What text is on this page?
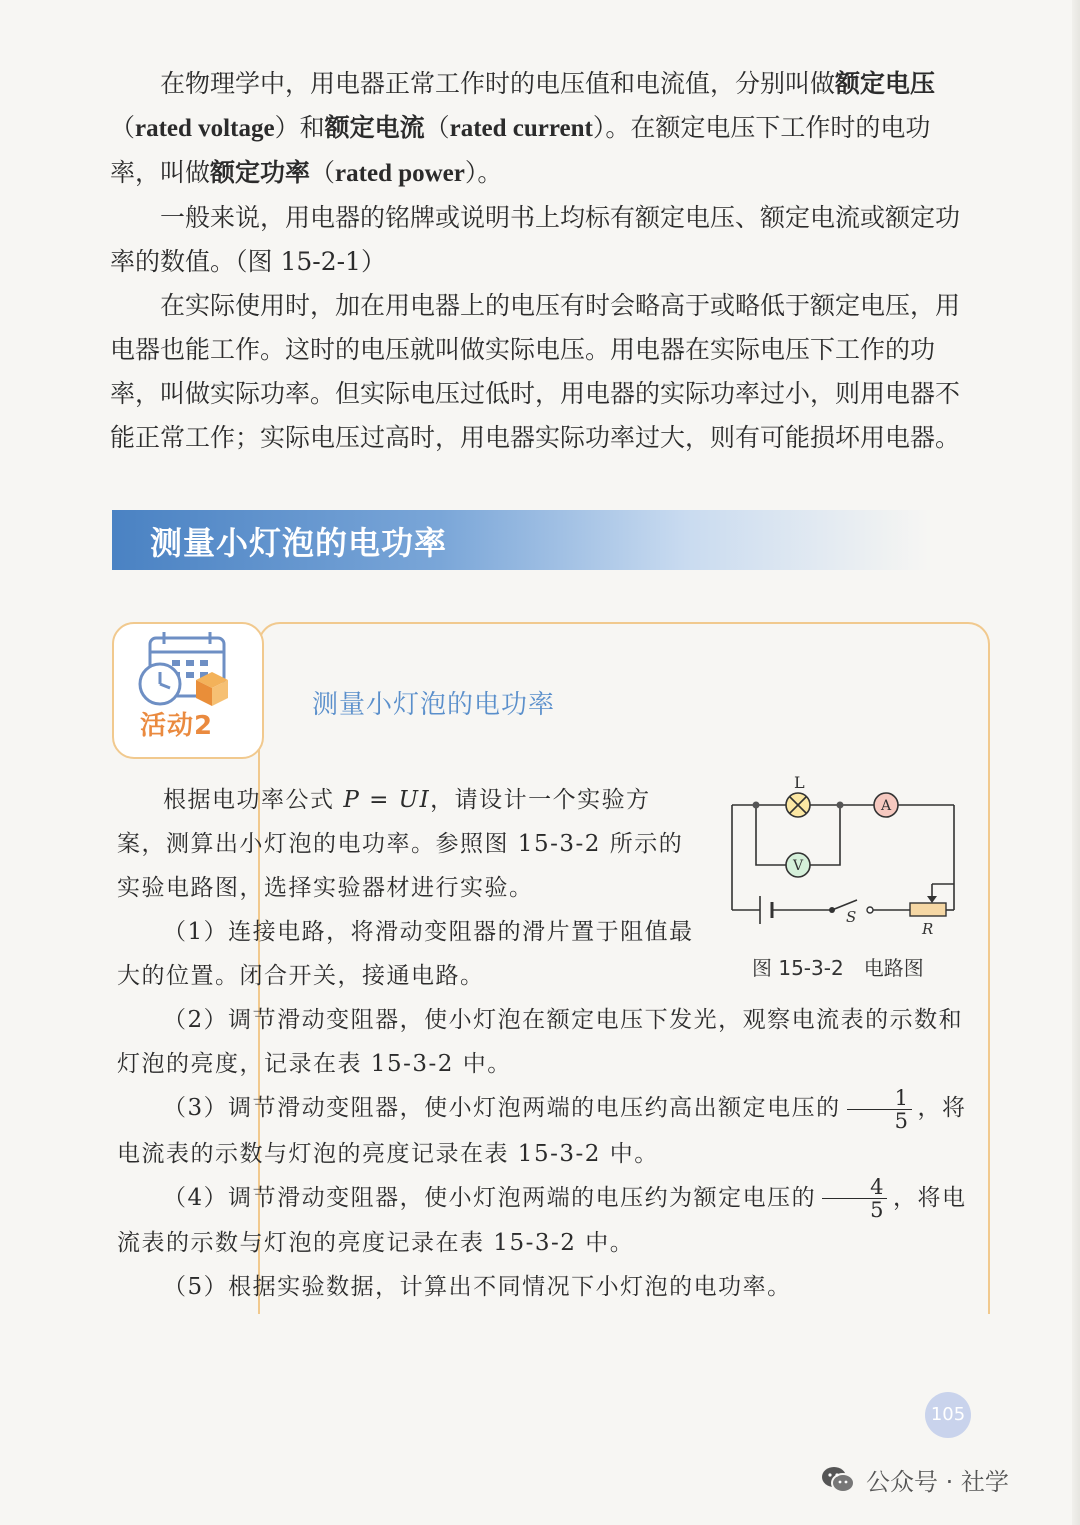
在物理学中，用电器正常工作时的电压值和电流值，分别叫做额定电压（rated voltage）和额定电流（rated current）。在额定电压下工作时的电功率，叫做额定功率（rated power）。

一般来说，用电器的铭牌或说明书上均标有额定电压、额定电流或额定功率的数值。（图 15-2-1）

在实际使用时，加在用电器上的电压有时会略高于或略低于额定电压，用电器也能工作。这时的电压就叫做实际电压。用电器在实际电压下工作的功率，叫做实际功率。但实际电压过低时，用电器的实际功率过小，则用电器不能正常工作；实际电压过高时，用电器实际功率过大，则有可能损坏用电器。

测量小灯泡的电功率
活动2
测量小灯泡的电功率

根据电功率公式 P = UI，请设计一个实验方案，测算出小灯泡的电功率。参照图 15-3-2 所示的实验电路图，选择实验器材进行实验。

（1）连接电路，将滑动变阻器的滑片置于阻值最大的位置。闭合开关，接通电路。

（2）调节滑动变阻器，使小灯泡在额定电压下发光，观察电流表的示数和灯泡的亮度，记录在表 15-3-2 中。

（3）调节滑动变阻器，使小灯泡两端的电压约高出额定电压的 $\frac{1}{5}$ ，将电流表的示数与灯泡的亮度记录在表 15-3-2 中。

（4）调节滑动变阻器，使小灯泡两端的电压约为额定电压的 $\frac{4}{5}$ ，将电流表的示数与灯泡的亮度记录在表 15-3-2 中。

（5）根据实验数据，计算出不同情况下小灯泡的电功率。

L
A
V
S
R
图 15-3-2　电路图
105
公众号 · 社学
